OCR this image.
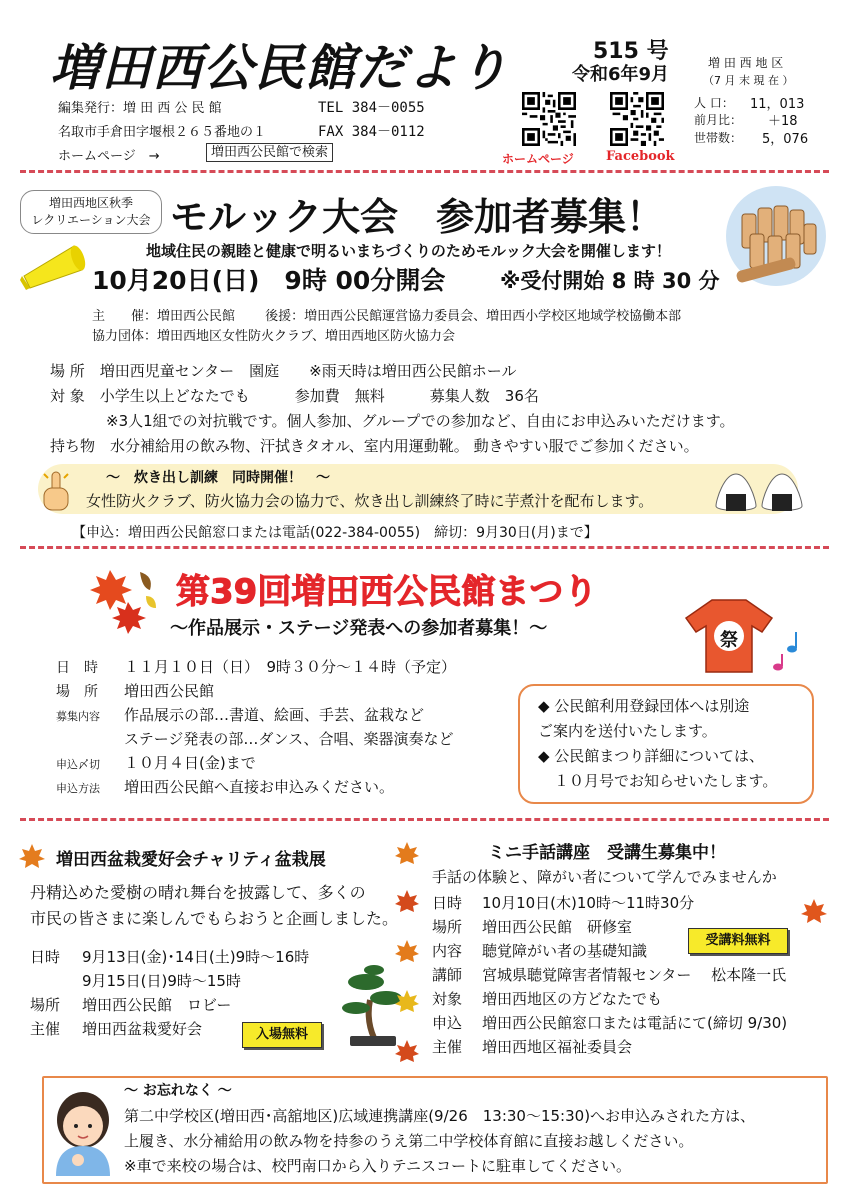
増田西公民館だより	515 号
令和6年9月
編集発行：増 田 西 公 民 館	TEL 384－0055
名取市手倉田字堰根２６５番地の１	FAX 384－0112
ホームページ　→	増田西公民館で検索	ホームページ Facebook
増 田 西 地 区
（7 月 末 現 在 ）
人 口： 11，013
前月比： ＋18
世帯数： 5，076
増田西地区秋季
レクリエーション大会 モルック大会　参加者募集！
地域住民の親睦と健康で明るいまちづくりのためモルック大会を開催します！
10月20日(日)　9時 00分開会	※受付開始 8 時 30 分
主　　催：増田西公民館　　 後援：増田西公民館運営協力委員会、増田西小学校区地域学校協働本部
協力団体：増田西地区女性防火クラブ、増田西地区防火協力会
場 所　増田西児童センター　園庭　　※雨天時は増田西公民館ホール
対 象　小学生以上どなたでも　　　参加費　無料　　　募集人数　36名
※3人1組での対抗戦です。個人参加、グループでの参加など、自由にお申込みいただけます。
持ち物　水分補給用の飲み物、汗拭きタオル、室内用運動靴。 動きやすい服でご参加ください。
～　炊き出し訓練　同時開催！　～
女性防火クラブ、防火協力会の協力で、炊き出し訓練終了時に芋煮汁を配布します。
【申込：増田西公民館窓口または電話(022-384-0055)　締切：9月30日(月)まで】
第39回増田西公民館まつり
～作品展示・ステージ発表への参加者募集！～
祭
日　時 １１月１０日（日）　9時３０分～１４時（予定）
場　所 増田西公民館
募集内容 作品展示の部…書道、絵画、手芸、盆栽など
ステージ発表の部…ダンス、合唱、楽器演奏など
申込〆切 １０月４日(金)まで
申込方法 増田西公民館へ直接お申込みください。
◆ 公民館利用登録団体へは別途
ご案内を送付いたします。
◆ 公民館まつり詳細については、
１０月号でお知らせいたします。
増田西盆栽愛好会チャリティ盆栽展
丹精込めた愛樹の晴れ舞台を披露して、多くの
市民の皆さまに楽しんでもらおうと企画しました。
日時 9月13日(金)･14日(土)9時～16時
9月15日(日)9時～15時
場所 増田西公民館　ロビー
主催 増田西盆栽愛好会	入場無料
ミニ手話講座　受講生募集中！
手話の体験と、障がい者について学んでみませんか
日時 10月10日(木)10時～11時30分
場所 増田西公民館　研修室
内容 聴覚障がい者の基礎知識
講師 宮城県聴覚障害者情報センター　 松本隆一氏
対象 増田西地区の方どなたでも
申込 増田西公民館窓口または電話にて(締切 9/30)
主催 増田西地区福祉委員会
受講料無料
～ お忘れなく ～
第二中学校区(増田西･高舘地区)広域連携講座(9/26　13:30～15:30)へお申込みされた方は、
上履き、水分補給用の飲み物を持参のうえ第二中学校体育館に直接お越しください。
※車で来校の場合は、校門南口から入りテニスコートに駐車してください。
